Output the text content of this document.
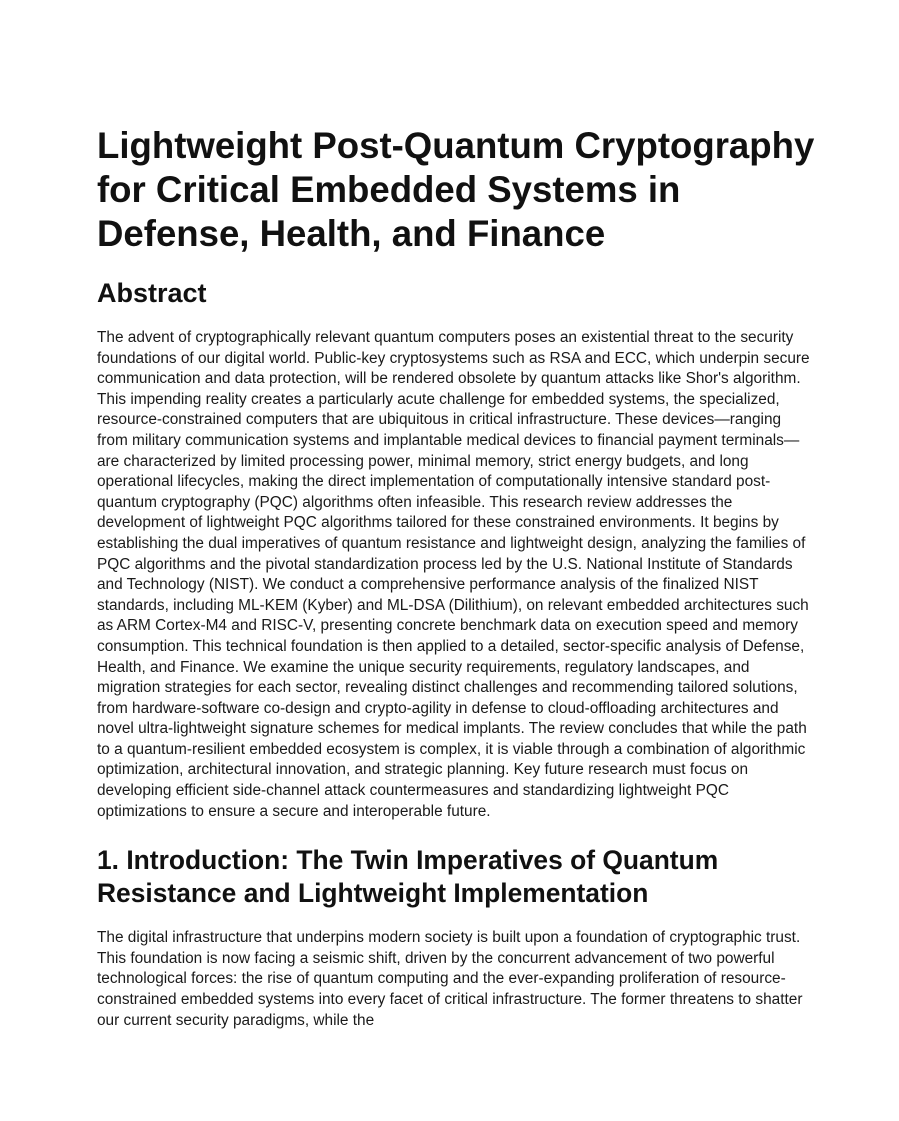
Lightweight Post-Quantum Cryptography for Critical Embedded Systems in Defense, Health, and Finance
Abstract

The advent of cryptographically relevant quantum computers poses an existential threat to the security foundations of our digital world. Public-key cryptosystems such as RSA and ECC, which underpin secure communication and data protection, will be rendered obsolete by quantum attacks like Shor's algorithm. This impending reality creates a particularly acute challenge for embedded systems, the specialized, resource-constrained computers that are ubiquitous in critical infrastructure. These devices—ranging from military communication systems and implantable medical devices to financial payment terminals—are characterized by limited processing power, minimal memory, strict energy budgets, and long operational lifecycles, making the direct implementation of computationally intensive standard post-quantum cryptography (PQC) algorithms often infeasible. This research review addresses the development of lightweight PQC algorithms tailored for these constrained environments. It begins by establishing the dual imperatives of quantum resistance and lightweight design, analyzing the families of PQC algorithms and the pivotal standardization process led by the U.S. National Institute of Standards and Technology (NIST). We conduct a comprehensive performance analysis of the finalized NIST standards, including ML-KEM (Kyber) and ML-DSA (Dilithium), on relevant embedded architectures such as ARM Cortex-M4 and RISC-V, presenting concrete benchmark data on execution speed and memory consumption. This technical foundation is then applied to a detailed, sector-specific analysis of Defense, Health, and Finance. We examine the unique security requirements, regulatory landscapes, and migration strategies for each sector, revealing distinct challenges and recommending tailored solutions, from hardware-software co-design and crypto-agility in defense to cloud-offloading architectures and novel ultra-lightweight signature schemes for medical implants. The review concludes that while the path to a quantum-resilient embedded ecosystem is complex, it is viable through a combination of algorithmic optimization, architectural innovation, and strategic planning. Key future research must focus on developing efficient side-channel attack countermeasures and standardizing lightweight PQC optimizations to ensure a secure and interoperable future.

1. Introduction: The Twin Imperatives of Quantum Resistance and Lightweight Implementation

The digital infrastructure that underpins modern society is built upon a foundation of cryptographic trust. This foundation is now facing a seismic shift, driven by the concurrent advancement of two powerful technological forces: the rise of quantum computing and the ever-expanding proliferation of resource-constrained embedded systems into every facet of critical infrastructure. The former threatens to shatter our current security paradigms, while the
